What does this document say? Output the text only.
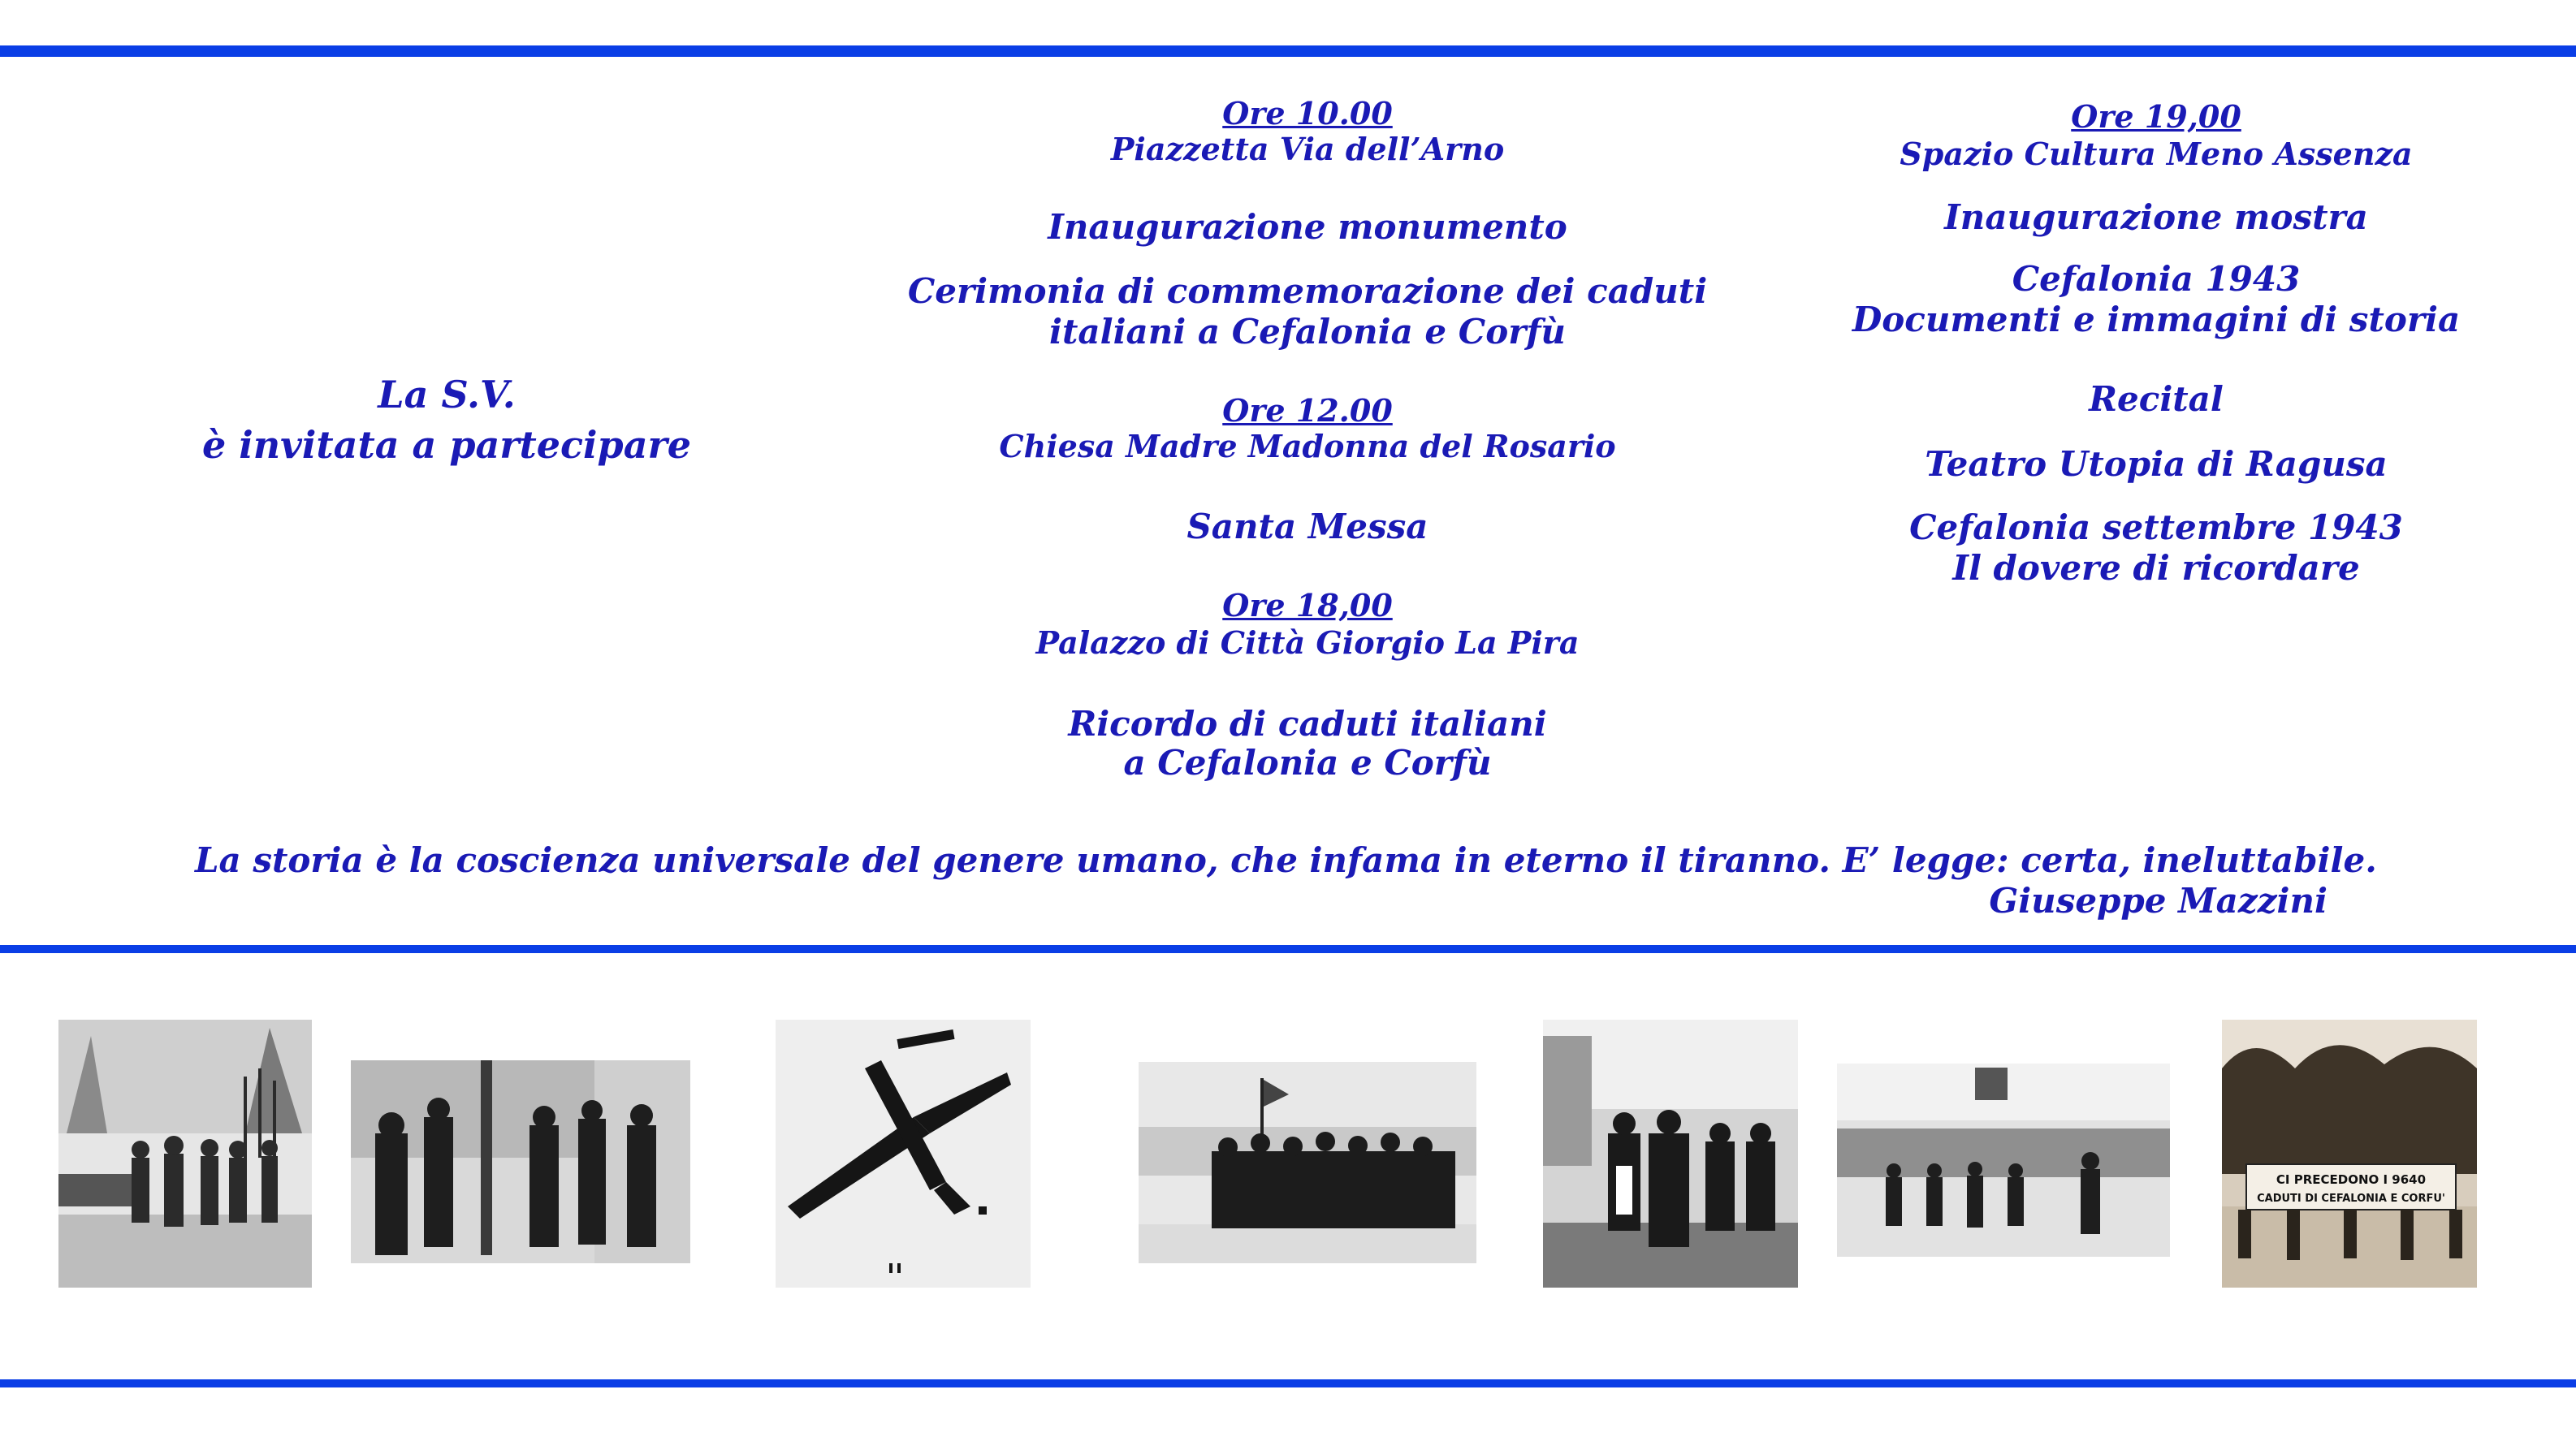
La S.V.
è invitata a partecipare
Ore 10.00
Piazzetta Via dell’Arno
Inaugurazione monumento
Cerimonia di commemorazione dei caduti
italiani a Cefalonia e Corfù
Ore 12.00
Chiesa Madre Madonna del Rosario
Santa Messa
Ore 18,00
Palazzo di Città Giorgio La Pira
Ricordo di caduti italiani
a Cefalonia e Corfù
Ore 19,00
Spazio Cultura Meno Assenza
Inaugurazione mostra
Cefalonia 1943
Documenti e immagini di storia
Recital
Teatro Utopia di Ragusa
Cefalonia settembre 1943
Il dovere di ricordare
La storia è la coscienza universale del genere umano, che infama in eterno il tiranno. E’ legge: certa, ineluttabile.
Giuseppe Mazzini
CI PRECEDONO I 9640
CADUTI DI CEFALONIA E CORFU'
